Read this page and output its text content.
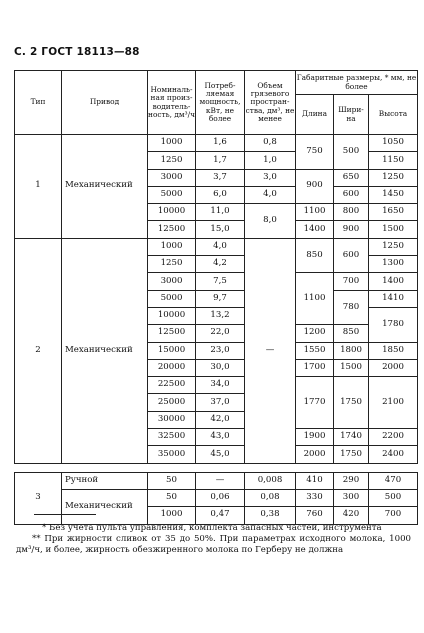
С. 2 ГОСТ 18113—88
Тип	Привод	Номиналь-ная произ-водитель-ность, дм³/ч	Потреб-ляемая мощность, кВт, не более	Объем грязевого простран-ства, дм³, не менее	Габаритные размеры, * мм, не более		
					Длина	Шири-на	Высота
1	Механический	1000	1,6	0,8	750	500	1050
		1250	1,7	1,0			1150
		3000	3,7	3,0	900	650	1250
		5000	6,0	4,0		600	1450
		10000	11,0	8,0	1100	800	1650
		12500	15,0		1400	900	1500
2	Механический	1000	4,0	—	850	600	1250
		1250	4,2				1300
		3000	7,5		1100	700	1400
		5000	9,7			780	1410
		10000	13,2				1780
		12500	22,0		1200	850	
		15000	23,0		1550	1800	1850
		20000	30,0		1700	1500	2000
		22500	34,0		1770	1750	2100
		25000	37,0				
		30000	42,0				
		32500	43,0		1900	1740	2200
		35000	45,0		2000	1750	2400

3	Ручной	50	—	0,008	410	290	470
	Механический	50	0,06	0,08	330	300	500
		1000	0,47	0,38	760	420	700
* Без учета пульта управления, комплекта запасных частей, инструмента
** При жирности сливок от 35 до 50%. При параметрах исходного молока, 1000 дм³/ч, и более, жирность обезжиренного молока по Герберу не должна
